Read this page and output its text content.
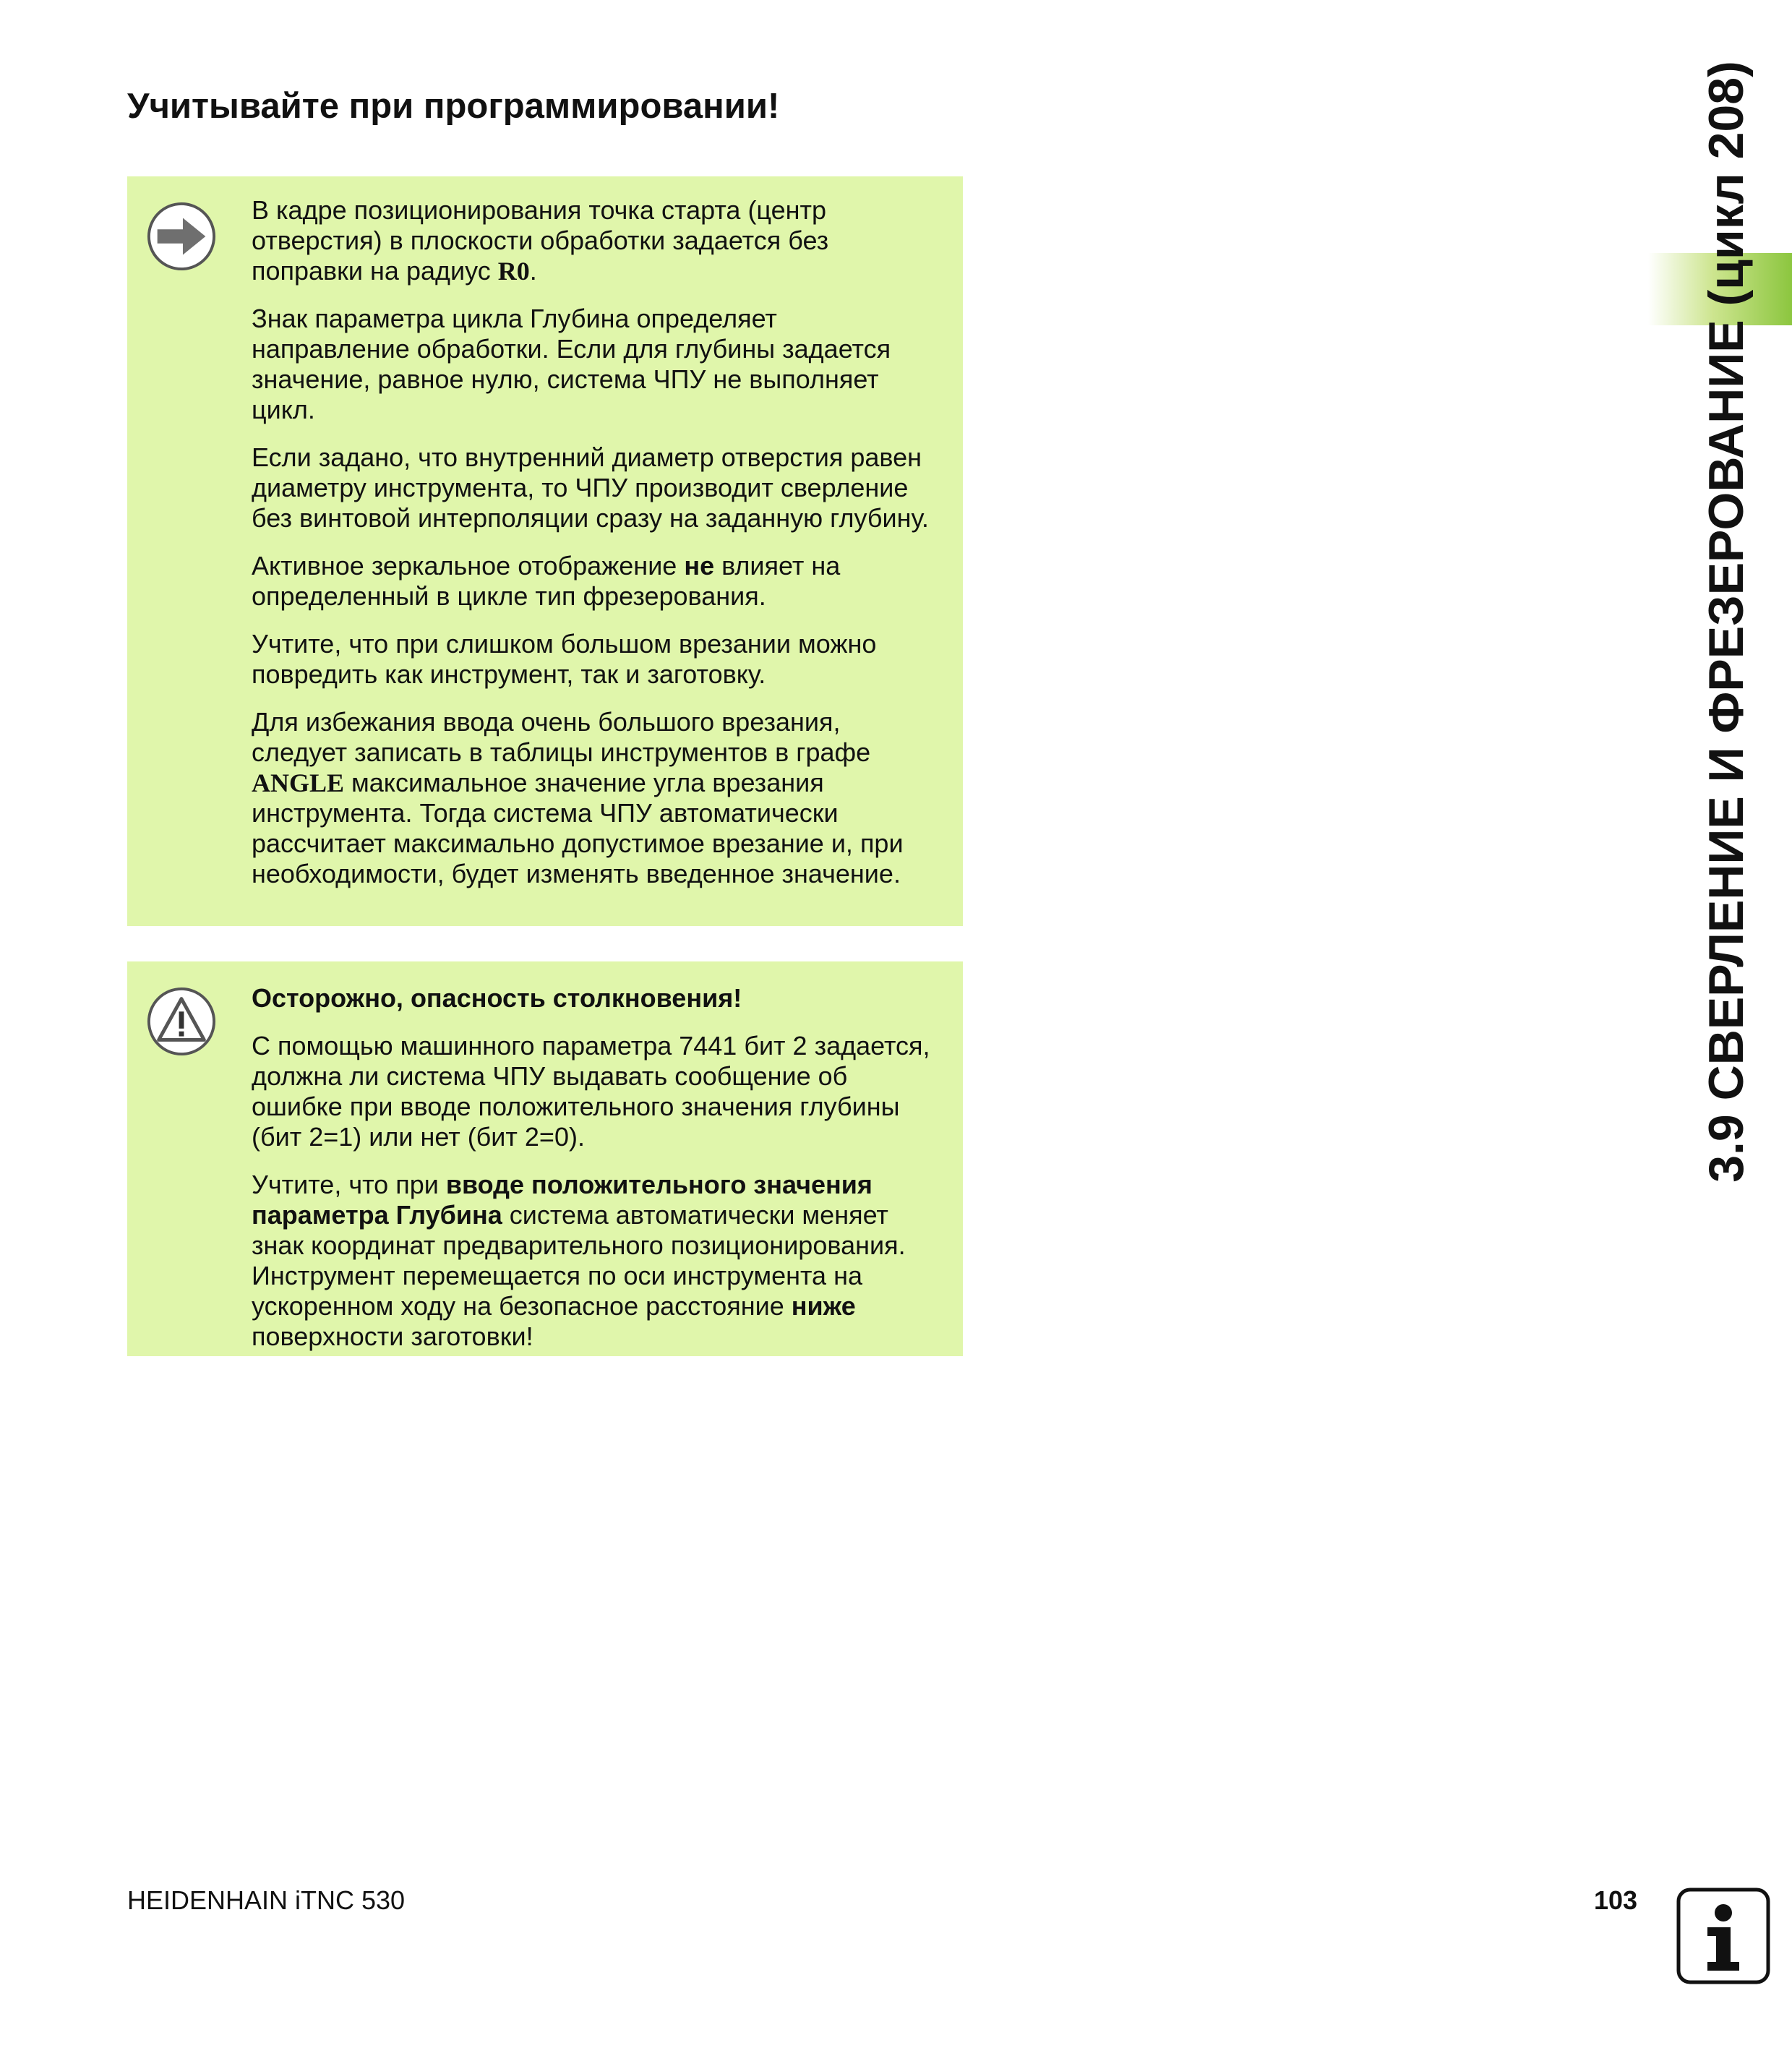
Учитывайте при программировании!

В кадре позиционирования точка старта (центр отверстия) в плоскости обработки задается без поправки на радиус R0.

Знак параметра цикла Глубина определяет направление обработки. Если для глубины задается значение, равное нулю, система ЧПУ не выполняет цикл.

Если задано, что внутренний диаметр отверстия равен диаметру инструмента, то ЧПУ производит сверление без винтовой интерполяции сразу на заданную глубину.

Активное зеркальное отображение не влияет на определенный в цикле тип фрезерования.

Учтите, что при слишком большом врезании можно повредить как инструмент, так и заготовку.

Для избежания ввода очень большого врезания, следует записать в таблицы инструментов в графе ANGLE максимальное значение угла врезания инструмента. Тогда система ЧПУ автоматически рассчитает максимально допустимое врезание и, при необходимости, будет изменять введенное значение.

Осторожно, опасность столкновения!

С помощью машинного параметра 7441 бит 2 задается, должна ли система ЧПУ выдавать сообщение об ошибке при вводе положительного значения глубины (бит 2=1) или нет (бит 2=0).

Учтите, что при вводе положительного значения параметра Глубина система автоматически меняет знак координат предварительного позиционирования. Инструмент перемещается по оси инструмента на ускоренном ходу на безопасное расстояние ниже поверхности заготовки!

3.9 СВЕРЛЕНИЕ И ФРЕЗЕРОВАНИЕ (цикл 208)
HEIDENHAIN iTNC 530	103
